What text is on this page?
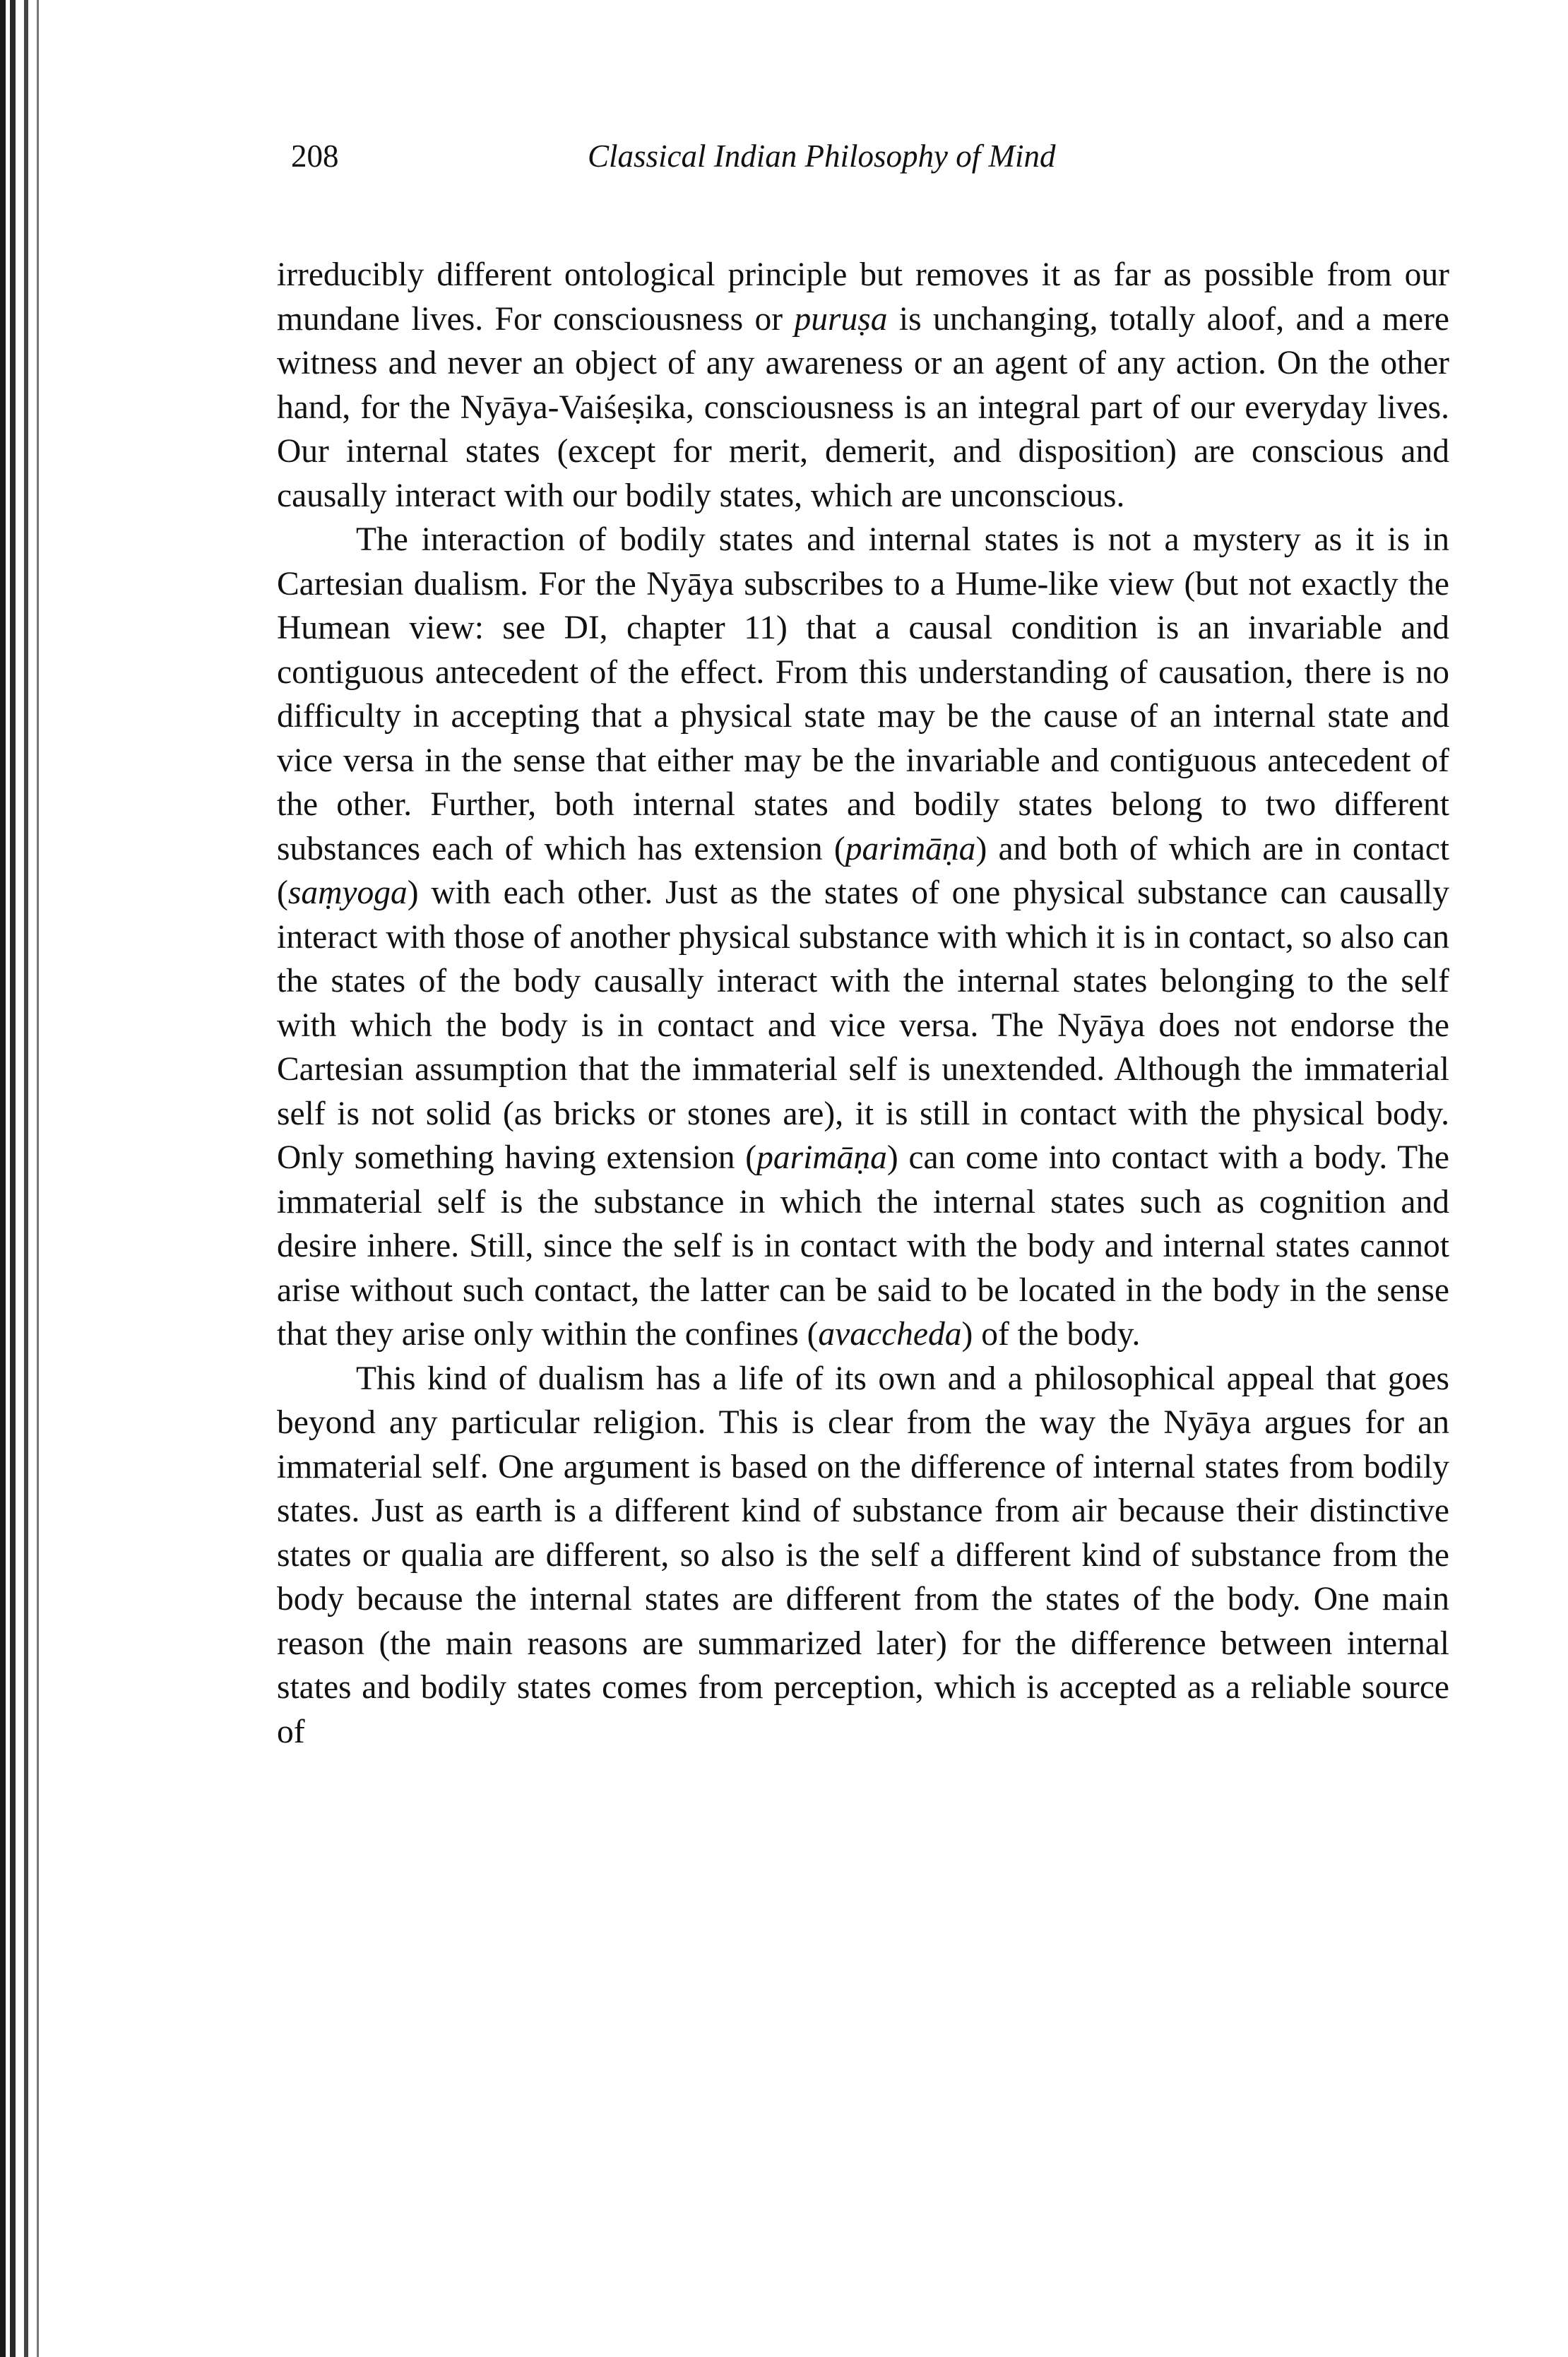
208	Classical Indian Philosophy of Mind

irreducibly different ontological principle but removes it as far as possible from our mundane lives. For consciousness or puruṣa is unchanging, totally aloof, and a mere witness and never an object of any awareness or an agent of any action. On the other hand, for the Nyāya-Vaiśeṣika, consciousness is an integral part of our everyday lives. Our internal states (except for merit, demerit, and disposition) are conscious and causally interact with our bodily states, which are unconscious.

The interaction of bodily states and internal states is not a mystery as it is in Cartesian dualism. For the Nyāya subscribes to a Hume-like view (but not exactly the Humean view: see DI, chapter 11) that a causal condition is an invariable and contiguous antecedent of the effect. From this understanding of causation, there is no difficulty in accepting that a physical state may be the cause of an internal state and vice versa in the sense that either may be the invariable and contiguous antecedent of the other. Further, both internal states and bodily states belong to two different substances each of which has extension (parimāṇa) and both of which are in contact (saṃyoga) with each other. Just as the states of one physical substance can causally interact with those of another physical substance with which it is in contact, so also can the states of the body causally interact with the internal states belonging to the self with which the body is in contact and vice versa. The Nyāya does not endorse the Cartesian assumption that the immaterial self is unextended. Although the immaterial self is not solid (as bricks or stones are), it is still in contact with the physical body. Only something having extension (parimāṇa) can come into contact with a body. The immaterial self is the substance in which the internal states such as cognition and desire inhere. Still, since the self is in contact with the body and internal states cannot arise without such contact, the latter can be said to be located in the body in the sense that they arise only within the confines (avaccheda) of the body.

This kind of dualism has a life of its own and a philosophical appeal that goes beyond any particular religion. This is clear from the way the Nyāya argues for an immaterial self. One argument is based on the difference of internal states from bodily states. Just as earth is a different kind of substance from air because their distinctive states or qualia are different, so also is the self a different kind of substance from the body because the internal states are different from the states of the body. One main reason (the main reasons are summarized later) for the difference between internal states and bodily states comes from perception, which is accepted as a reliable source of
